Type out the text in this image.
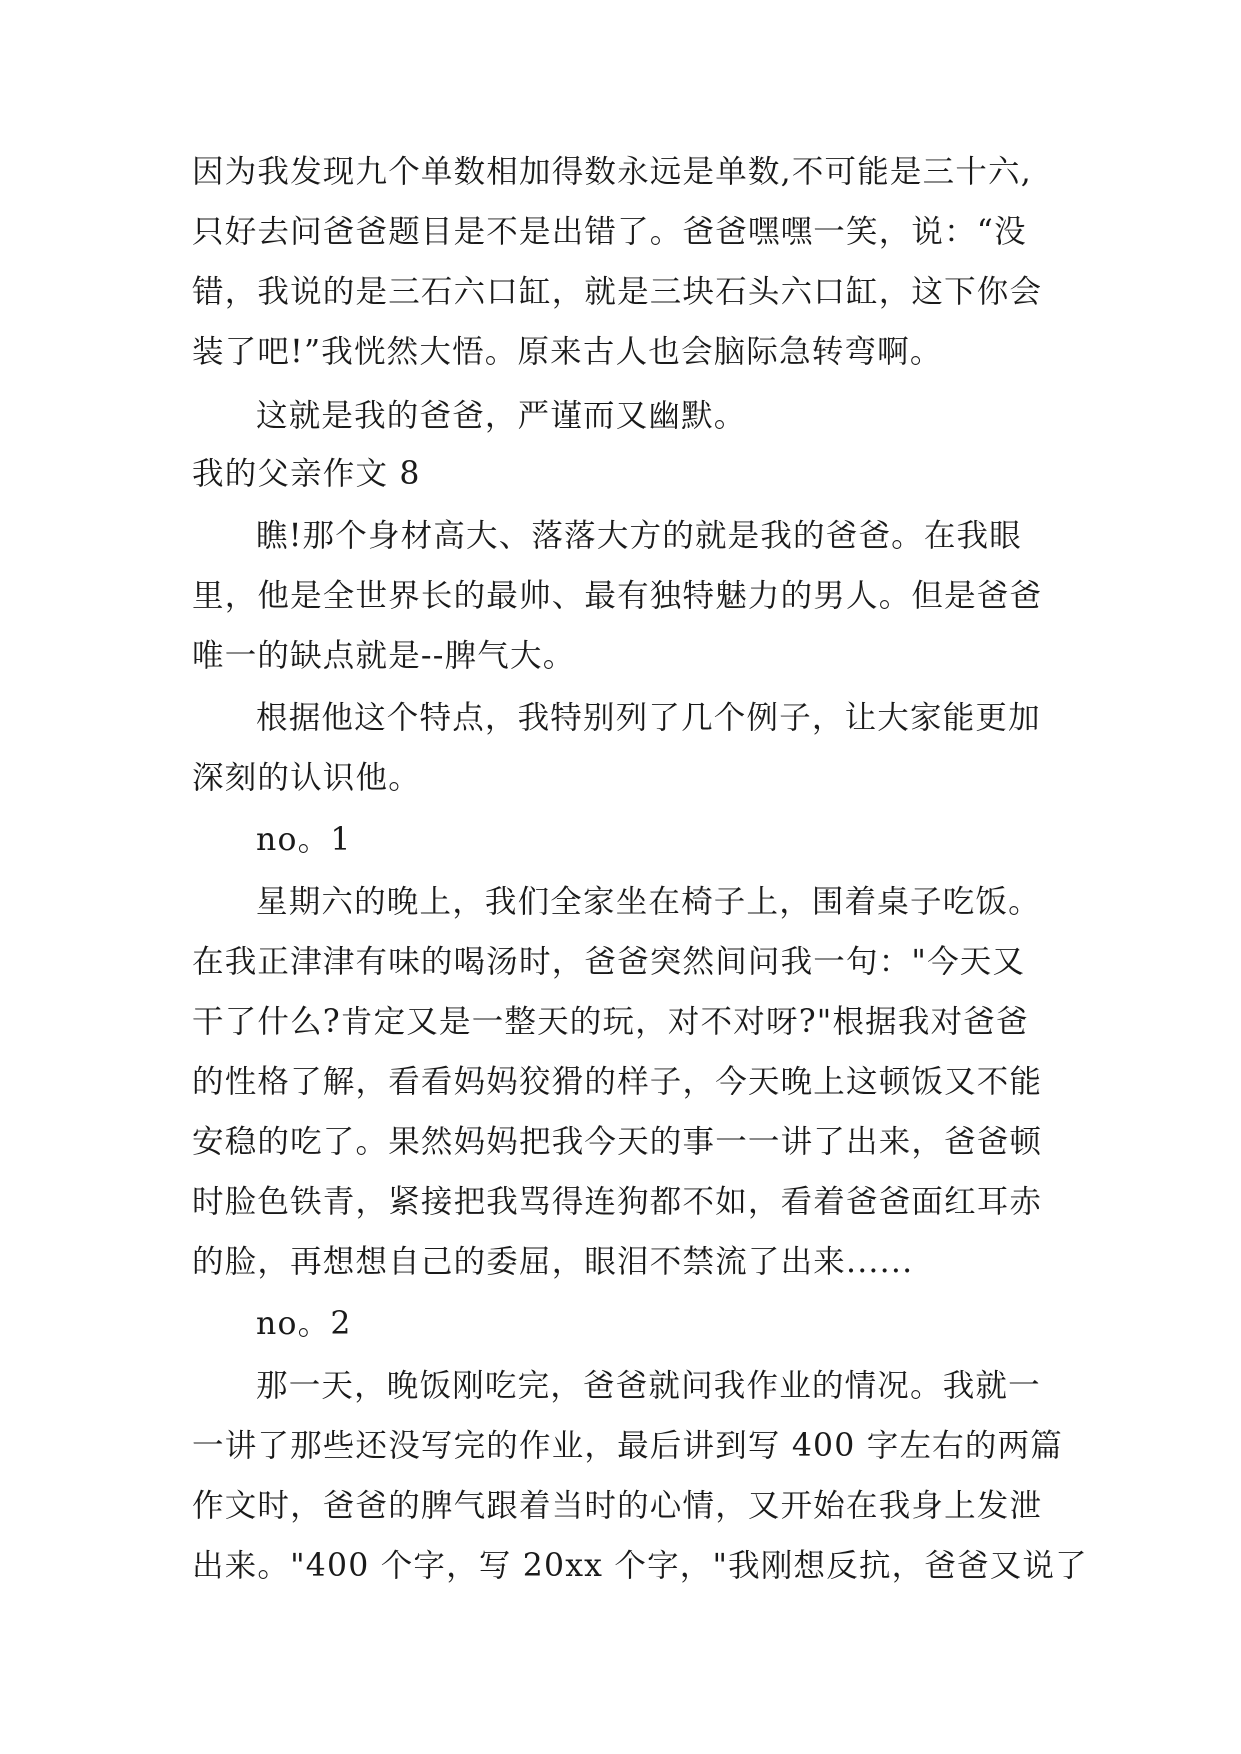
因为我发现九个单数相加得数永远是单数,不可能是三十六,
只好去问爸爸题目是不是出错了。爸爸嘿嘿一笑，说：“没
错，我说的是三石六口缸，就是三块石头六口缸，这下你会
装了吧!”我恍然大悟。原来古人也会脑际急转弯啊。
这就是我的爸爸，严谨而又幽默。
我的父亲作文 8
瞧!那个身材高大、落落大方的就是我的爸爸。在我眼
里，他是全世界长的最帅、最有独特魅力的男人。但是爸爸
唯一的缺点就是--脾气大。
根据他这个特点，我特别列了几个例子，让大家能更加
深刻的认识他。
no。1
星期六的晚上，我们全家坐在椅子上，围着桌子吃饭。
在我正津津有味的喝汤时，爸爸突然间问我一句："今天又
干了什么?肯定又是一整天的玩，对不对呀?"根据我对爸爸
的性格了解，看看妈妈狡猾的样子，今天晚上这顿饭又不能
安稳的吃了。果然妈妈把我今天的事一一讲了出来，爸爸顿
时脸色铁青，紧接把我骂得连狗都不如，看着爸爸面红耳赤
的脸，再想想自己的委屈，眼泪不禁流了出来......
no。2
那一天，晚饭刚吃完，爸爸就问我作业的情况。我就一
一讲了那些还没写完的作业，最后讲到写 400 字左右的两篇
作文时，爸爸的脾气跟着当时的心情，又开始在我身上发泄
出来。"400 个字，写 20xx 个字，"我刚想反抗，爸爸又说了
